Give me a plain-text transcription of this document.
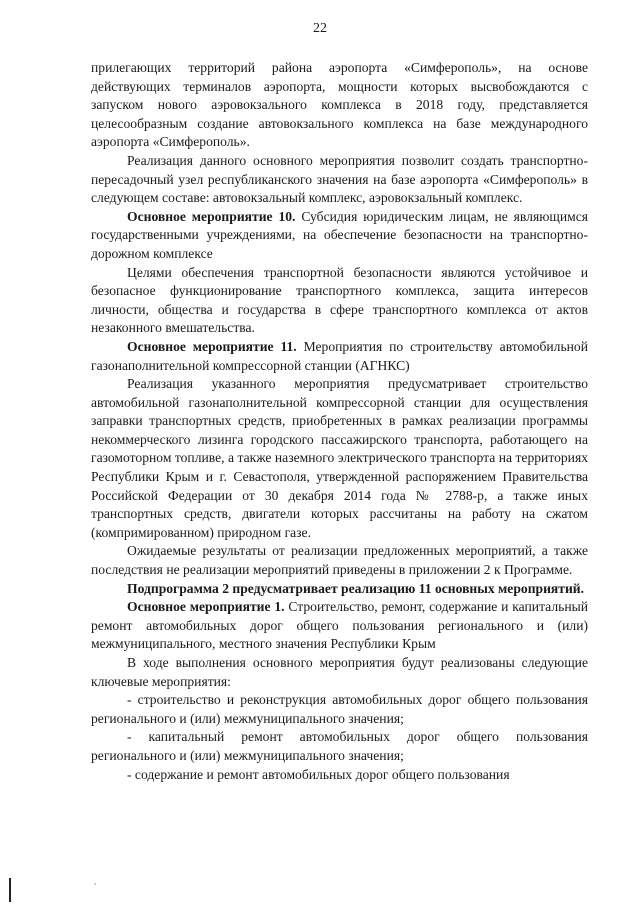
22

прилегающих территорий района аэропорта «Симферополь», на основе действующих терминалов аэропорта, мощности которых высвобождаются с запуском нового аэровокзального комплекса в 2018 году, представляется целесообразным создание автовокзального комплекса на базе международного аэропорта «Симферополь».

Реализация данного основного мероприятия позволит создать транспортно-пересадочный узел республиканского значения на базе аэропорта «Симферополь» в следующем составе: автовокзальный комплекс, аэровокзальный комплекс.

Основное мероприятие 10. Субсидия юридическим лицам, не являющимся государственными учреждениями, на обеспечение безопасности на транспортно-дорожном комплексе

Целями обеспечения транспортной безопасности являются устойчивое и безопасное функционирование транспортного комплекса, защита интересов личности, общества и государства в сфере транспортного комплекса от актов незаконного вмешательства.

Основное мероприятие 11. Мероприятия по строительству автомобильной газонаполнительной компрессорной станции (АГНКС)

Реализация указанного мероприятия предусматривает строительство автомобильной газонаполнительной компрессорной станции для осуществления заправки транспортных средств, приобретенных в рамках реализации программы некоммерческого лизинга городского пассажирского транспорта, работающего на газомоторном топливе, а также наземного электрического транспорта на территориях Республики Крым и г. Севастополя, утвержденной распоряжением Правительства Российской Федерации от 30 декабря 2014 года № 2788-р, а также иных транспортных средств, двигатели которых рассчитаны на работу на сжатом (компримированном) природном газе.

Ожидаемые результаты от реализации предложенных мероприятий, а также последствия не реализации мероприятий приведены в приложении 2 к Программе.

Подпрограмма 2 предусматривает реализацию 11 основных мероприятий.

Основное мероприятие 1. Строительство, ремонт, содержание и капитальный ремонт автомобильных дорог общего пользования регионального и (или) межмуниципального, местного значения Республики Крым

В ходе выполнения основного мероприятия будут реализованы следующие ключевые мероприятия:

- строительство и реконструкция автомобильных дорог общего пользования регионального и (или) межмуниципального значения;

- капитальный ремонт автомобильных дорог общего пользования регионального и (или) межмуниципального значения;

- содержание и ремонт автомобильных дорог общего пользования
